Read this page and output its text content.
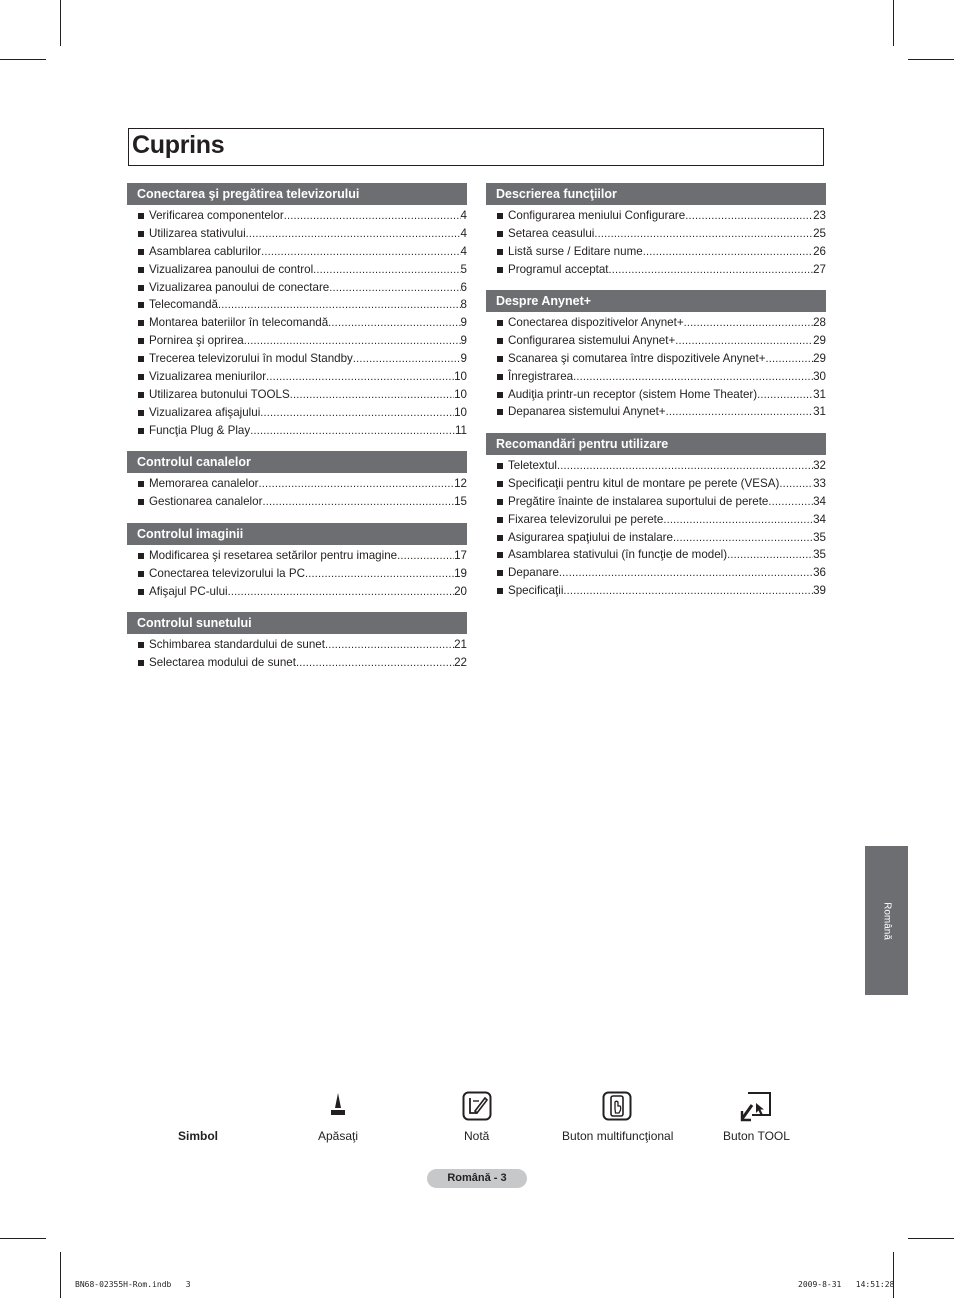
Cuprins
Conectarea şi pregătirea televizorului
Verificarea componentelor .....	4
Utilizarea stativului .....	4
Asamblarea cablurilor .....	4
Vizualizarea panoului de control .....	5
Vizualizarea panoului de conectare .....	6
Telecomandă .....	8
Montarea bateriilor în telecomandă .....	9
Pornirea şi oprirea .....	9
Trecerea televizorului în modul Standby .....	9
Vizualizarea meniurilor .....	10
Utilizarea butonului TOOLS .....	10
Vizualizarea afişajului .....	10
Funcţia Plug & Play .....	11
Controlul canalelor
Memorarea canalelor .....	12
Gestionarea canalelor .....	15
Controlul imaginii
Modificarea şi resetarea setărilor pentru imagine .....	17
Conectarea televizorului la PC .....	19
Afişajul PC-ului .....	20
Controlul sunetului
Schimbarea standardului de sunet .....	21
Selectarea modului de sunet .....	22
Descrierea funcţiilor
Configurarea meniului Configurare .....	23
Setarea ceasului .....	25
Listă surse / Editare nume .....	26
Programul acceptat .....	27
Despre Anynet+
Conectarea dispozitivelor Anynet+ .....	28
Configurarea sistemului Anynet+ .....	29
Scanarea şi comutarea între dispozitivele Anynet+ .....	29
Înregistrarea .....	30
Audiţia printr-un receptor (sistem Home Theater) .....	31
Depanarea sistemului Anynet+ .....	31
Recomandări pentru utilizare
Teletextul .....	32
Specificaţii pentru kitul de montare pe perete (VESA) .....	33
Pregătire înainte de instalarea suportului de perete .....	34
Fixarea televizorului pe perete .....	34
Asigurarea spaţiului de instalare .....	35
Asamblarea stativului (în funcţie de model) .....	35
Depanare .....	36
Specificaţii .....	39
Română
Simbol	Apăsaţi	Notă	Buton multifuncţional	Buton TOOL
Română - 3
BN68-02355H-Rom.indb   3	2009-8-31   14:51:28
